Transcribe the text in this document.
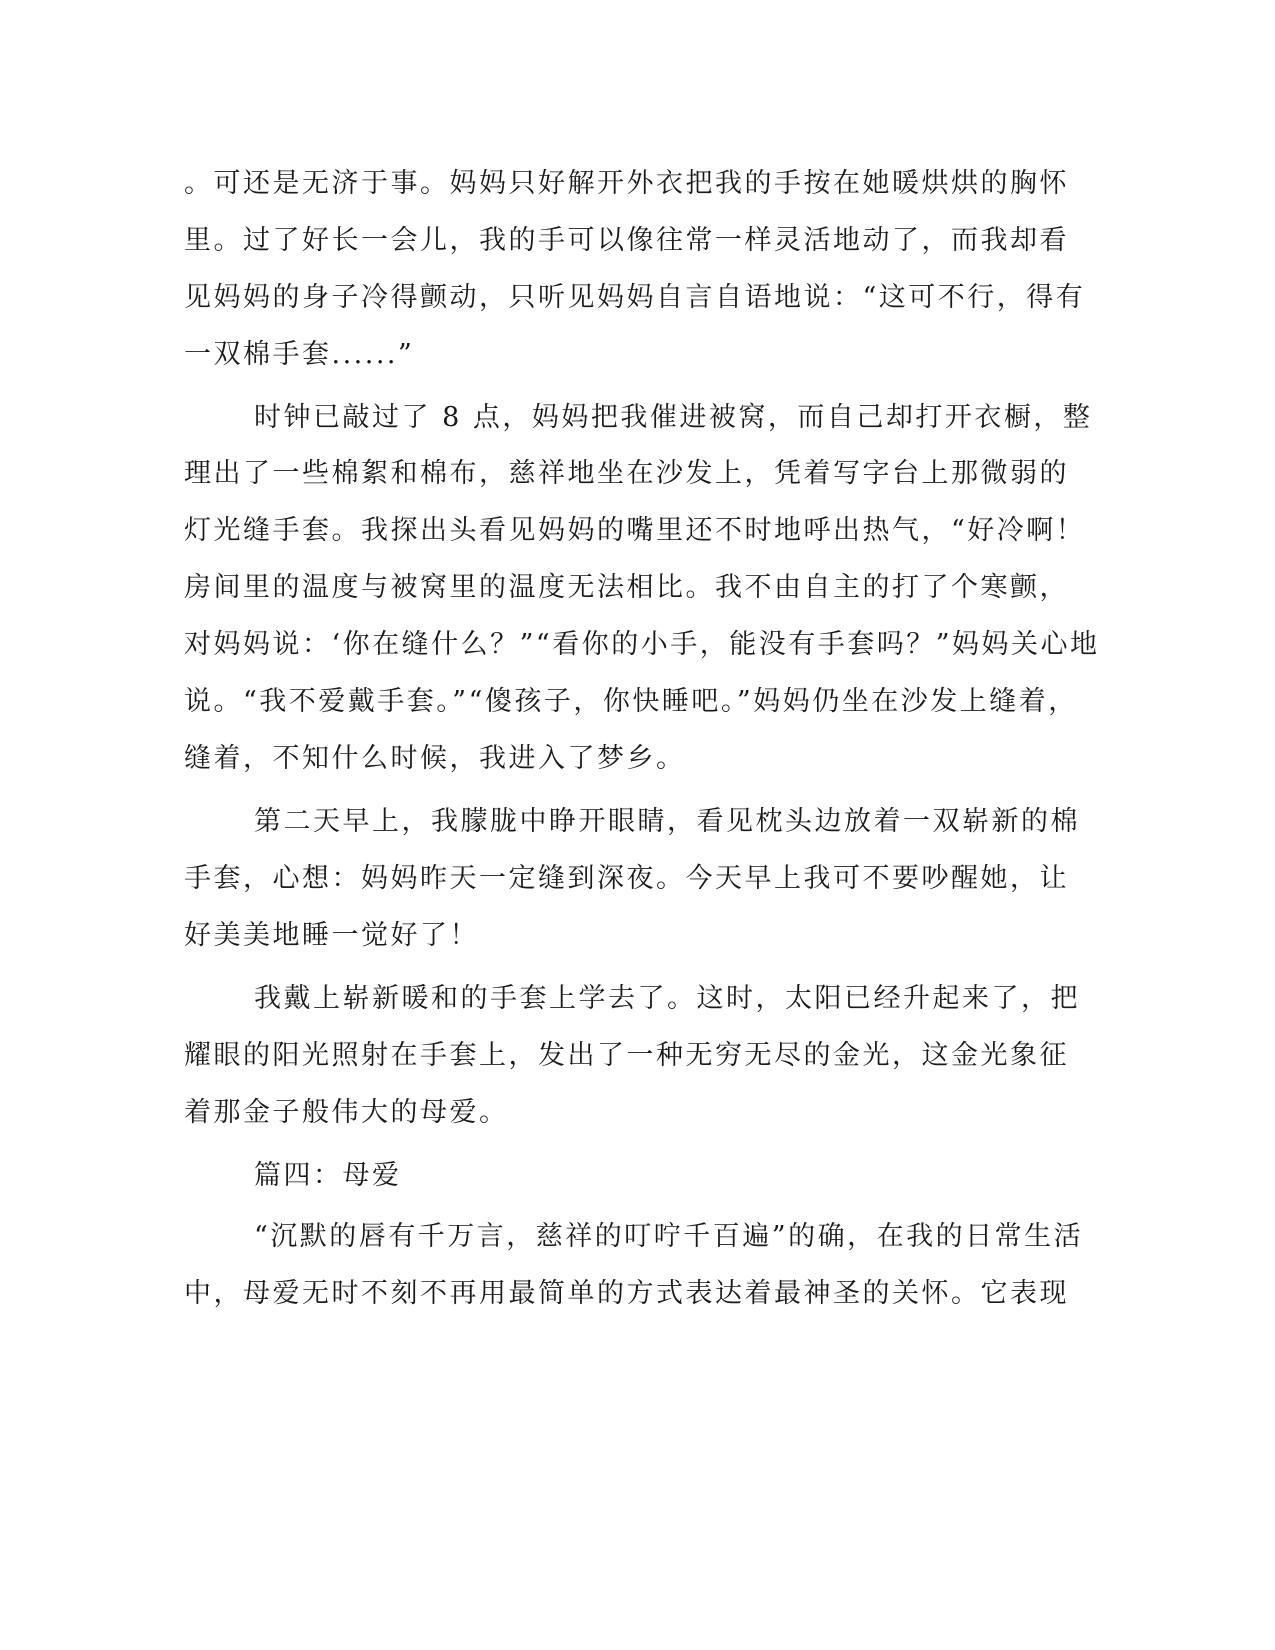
。可还是无济于事。妈妈只好解开外衣把我的手按在她暖烘烘的胸怀

里。过了好长一会儿，我的手可以像往常一样灵活地动了，而我却看

见妈妈的身子冷得颤动，只听见妈妈自言自语地说：“这可不行，得有

一双棉手套......”

时钟已敲过了 8 点，妈妈把我催进被窝，而自己却打开衣橱，整

理出了一些棉絮和棉布，慈祥地坐在沙发上，凭着写字台上那微弱的

灯光缝手套。我探出头看见妈妈的嘴里还不时地呼出热气，“好冷啊！

房间里的温度与被窝里的温度无法相比。我不由自主的打了个寒颤，

对妈妈说：‘你在缝什么？”“看你的小手，能没有手套吗？”妈妈关心地

说。“我不爱戴手套。”“傻孩子，你快睡吧。”妈妈仍坐在沙发上缝着，

缝着，不知什么时候，我进入了梦乡。

第二天早上，我朦胧中睁开眼睛，看见枕头边放着一双崭新的棉

手套，心想：妈妈昨天一定缝到深夜。今天早上我可不要吵醒她，让

好美美地睡一觉好了！

我戴上崭新暖和的手套上学去了。这时，太阳已经升起来了，把

耀眼的阳光照射在手套上，发出了一种无穷无尽的金光，这金光象征

着那金子般伟大的母爱。

篇四：母爱

“沉默的唇有千万言，慈祥的叮咛千百遍”的确，在我的日常生活

中，母爱无时不刻不再用最简单的方式表达着最神圣的关怀。它表现
